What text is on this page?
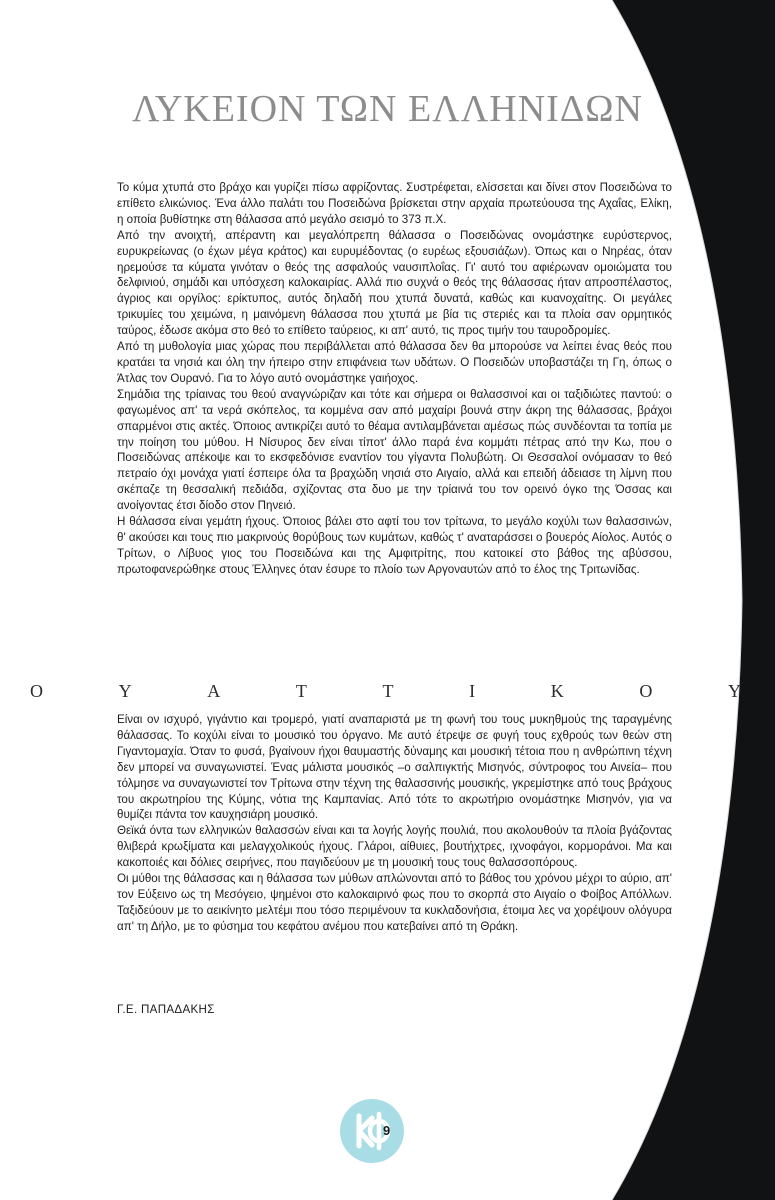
ΛΥΚΕΙΟΝ ΤΩΝ ΕΛΛΗΝΙΔΩΝ

Το κύμα χτυπά στο βράχο και γυρίζει πίσω αφρίζοντας. Συστρέφεται, ελίσσεται και δίνει στον Ποσειδώνα το επίθετο ελικώνιος. Ένα άλλο παλάτι του Ποσειδώνα βρίσκεται στην αρχαία πρωτεύουσα της Αχαΐας, Ελίκη, η οποία βυθίστηκε στη θάλασσα από μεγάλο σεισμό το 373 π.Χ.

Από την ανοιχτή, απέραντη και μεγαλόπρεπη θάλασσα ο Ποσειδώνας ονομάστηκε ευρύστερνος, ευρυκρείωνας (ο έχων μέγα κράτος) και ευρυμέδοντας (ο ευρέως εξουσιάζων). Όπως και ο Νηρέας, όταν ηρεμούσε τα κύματα γινόταν ο θεός της ασφαλούς ναυσιπλοΐας. Γι' αυτό του αφιέρωναν ομοιώματα του δελφινιού, σημάδι και υπόσχεση καλοκαιρίας. Αλλά πιο συχνά ο θεός της θάλασσας ήταν απροσπέλαστος, άγριος και οργίλος: ερίκτυπος, αυτός δηλαδή που χτυπά δυνατά, καθώς και κυανοχαίτης. Οι μεγάλες τρικυμίες του χειμώνα, η μαινόμενη θάλασσα που χτυπά με βία τις στεριές και τα πλοία σαν ορμητικός ταύρος, έδωσε ακόμα στο θεό το επίθετο ταύρειος, κι απ' αυτό, τις προς τιμήν του ταυροδρομίες.

Από τη μυθολογία μιας χώρας που περιβάλλεται από θάλασσα δεν θα μπορούσε να λείπει ένας θεός που κρατάει τα νησιά και όλη την ήπειρο στην επιφάνεια των υδάτων. Ο Ποσειδών υποβαστάζει τη Γη, όπως ο Άτλας τον Ουρανό. Για το λόγο αυτό ονομάστηκε γαιήοχος.

Σημάδια της τρίαινας του θεού αναγνώριζαν και τότε και σήμερα οι θαλασσινοί και οι ταξιδιώτες παντού: ο φαγωμένος απ' τα νερά σκόπελος, τα κομμένα σαν από μαχαίρι βουνά στην άκρη της θάλασσας, βράχοι σπαρμένοι στις ακτές. Όποιος αντικρίζει αυτό το θέαμα αντιλαμβάνεται αμέσως πώς συνδέονται τα τοπία με την ποίηση του μύθου. Η Νίσυρος δεν είναι τίποτ' άλλο παρά ένα κομμάτι πέτρας από την Κω, που ο Ποσειδώνας απέκοψε και το εκσφεδόνισε εναντίον του γίγαντα Πολυβώτη. Οι Θεσσαλοί ονόμασαν το θεό πετραίο όχι μονάχα γιατί έσπειρε όλα τα βραχώδη νησιά στο Αιγαίο, αλλά και επειδή άδειασε τη λίμνη που σκέπαζε τη θεσσαλική πεδιάδα, σχίζοντας στα δυο με την τρίαινά του τον ορεινό όγκο της Όσσας και ανοίγοντας έτσι δίοδο στον Πηνειό.

Η θάλασσα είναι γεμάτη ήχους. Όποιος βάλει στο αφτί του τον τρίτωνα, το μεγάλο κοχύλι των θαλασσινών, θ' ακούσει και τους πιο μακρινούς θορύβους των κυμάτων, καθώς τ' αναταράσσει ο βουερός Αίολος. Αυτός ο Τρίτων, ο Λίβυος γιος του Ποσειδώνα και της Αμφιτρίτης, που κατοικεί στο βάθος της αβύσσου, πρωτοφανερώθηκε στους Έλληνες όταν έσυρε το πλοίο των Αργοναυτών από το έλος της Τριτωνίδας.

Ο	Υ	Α	Τ	Τ	Ι	Κ	Ο	Υ

Είναι ον ισχυρό, γιγάντιο και τρομερό, γιατί αναπαριστά με τη φωνή του τους μυκηθμούς της ταραγμένης θάλασσας. Το κοχύλι είναι το μουσικό του όργανο. Με αυτό έτρεψε σε φυγή τους εχθρούς των θεών στη Γιγαντομαχία. Όταν το φυσά, βγαίνουν ήχοι θαυμαστής δύναμης και μουσική τέτοια που η ανθρώπινη τέχνη δεν μπορεί να συναγωνιστεί. Ένας μάλιστα μουσικός –ο σαλπιγκτής Μισηνός, σύντροφος του Αινεία– που τόλμησε να συναγωνιστεί τον Τρίτωνα στην τέχνη της θαλασσινής μουσικής, γκρεμίστηκε από τους βράχους του ακρωτηρίου της Κύμης, νότια της Καμπανίας. Από τότε το ακρωτήριο ονομάστηκε Μισηνόν, για να θυμίζει πάντα τον καυχησιάρη μουσικό.

Θεϊκά όντα των ελληνικών θαλασσών είναι και τα λογής λογής πουλιά, που ακολουθούν τα πλοία βγάζοντας θλιβερά κρωξίματα και μελαγχολικούς ήχους. Γλάροι, αίθυιες, βουτήχτρες, ιχνοφάγοι, κορμοράνοι. Μα και κακοποιές και δόλιες σειρήνες, που παγιδεύουν με τη μουσική τους τους θαλασσοπόρους.

Οι μύθοι της θάλασσας και η θάλασσα των μύθων απλώνονται από το βάθος του χρόνου μέχρι το αύριο, απ' τον Εύξεινο ως τη Μεσόγειο, ψημένοι στο καλοκαιρινό φως που το σκορπά στο Αιγαίο ο Φοίβος Απόλλων. Ταξιδεύουν με το αεικίνητο μελτέμι που τόσο περιμένουν τα κυκλαδονήσια, έτοιμα λες να χορέψουν ολόγυρα απ' τη Δήλο, με το φύσημα του κεφάτου ανέμου που κατεβαίνει από τη Θράκη.

Γ.Ε. ΠΑΠΑΔΑΚΗΣ
9
